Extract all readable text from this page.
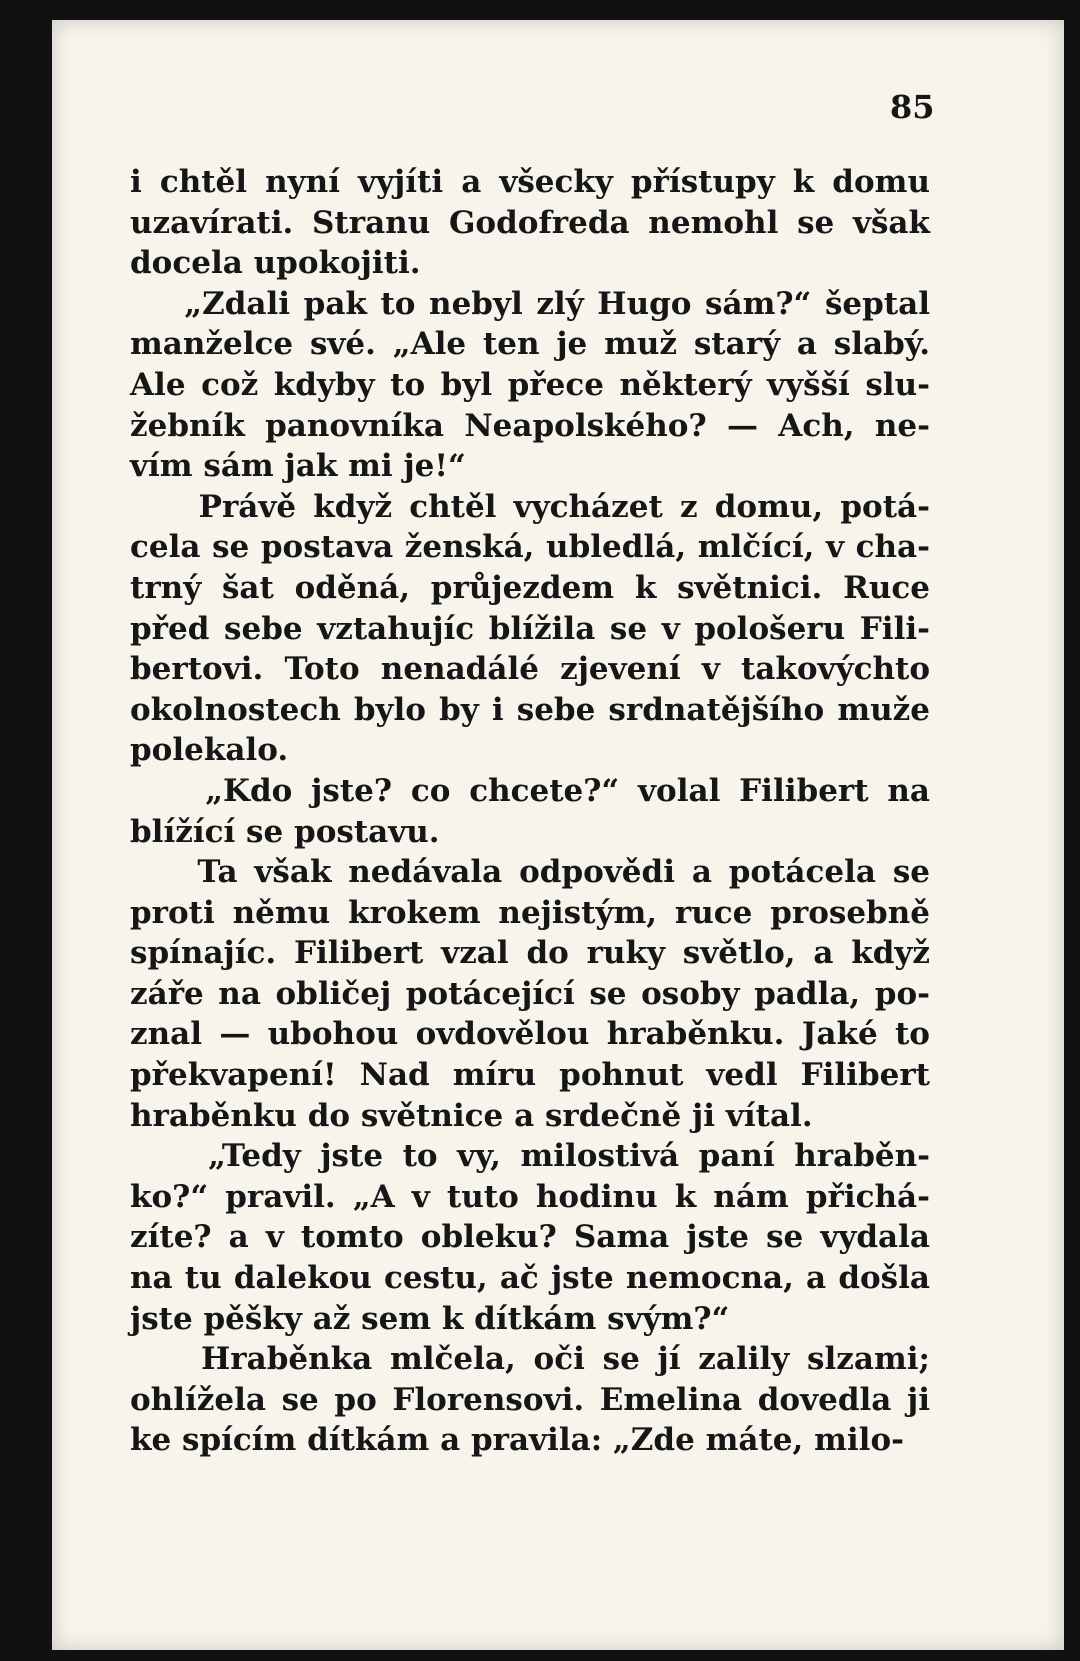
85
i chtěl nyní vyjíti a všecky přístupy k domu
uzavírati. Stranu Godofreda nemohl se však
docela upokojiti.
„Zdali pak to nebyl zlý Hugo sám?“ šeptal
manželce své. „Ale ten je muž starý a slabý.
Ale což kdyby to byl přece některý vyšší slu-
žebník panovníka Neapolského? — Ach, ne-
vím sám jak mi je!“
Právě když chtěl vycházet z domu, potá-
cela se postava ženská, ubledlá, mlčící, v cha-
trný šat oděná, průjezdem k světnici. Ruce
před sebe vztahujíc blížila se v pološeru Fili-
bertovi. Toto nenadálé zjevení v takovýchto
okolnostech bylo by i sebe srdnatějšího muže
polekalo.
„Kdo jste? co chcete?“ volal Filibert na
blížící se postavu.
Ta však nedávala odpovědi a potácela se
proti němu krokem nejistým, ruce prosebně
spínajíc. Filibert vzal do ruky světlo, a když
záře na obličej potácející se osoby padla, po-
znal — ubohou ovdovělou hraběnku. Jaké to
překvapení! Nad míru pohnut vedl Filibert
hraběnku do světnice a srdečně ji vítal.
„Tedy jste to vy, milostivá paní hraběn-
ko?“ pravil. „A v tuto hodinu k nám přichá-
zíte? a v tomto obleku? Sama jste se vydala
na tu dalekou cestu, ač jste nemocna, a došla
jste pěšky až sem k dítkám svým?“
Hraběnka mlčela, oči se jí zalily slzami;
ohlížela se po Florensovi. Emelina dovedla ji
ke spícím dítkám a pravila: „Zde máte, milo-
